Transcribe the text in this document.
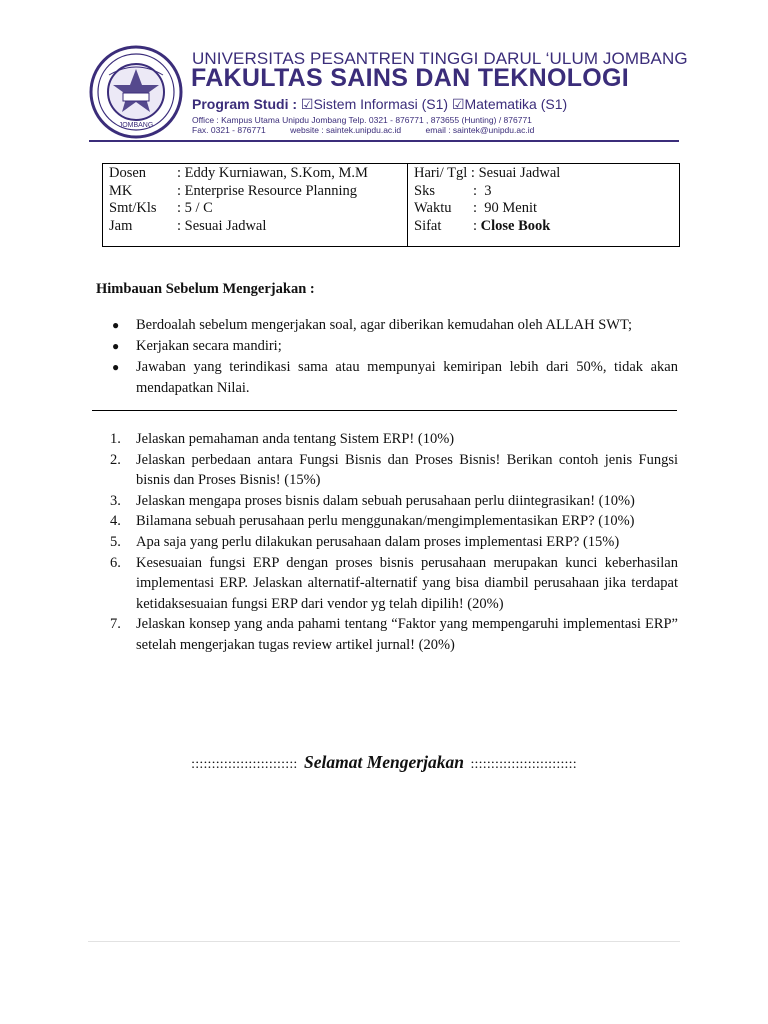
JOMBANG
UNIVERSITAS PESANTREN TINGGI DARUL ‘ULUM JOMBANG
FAKULTAS SAINS DAN TEKNOLOGI
Program Studi : ☑Sistem Informasi (S1) ☑Matematika (S1)
Office : Kampus Utama Unipdu Jombang Telp. 0321 - 876771 , 873655 (Hunting) / 876771
Fax. 0321 - 876771	website : saintek.unipdu.ac.id	email : saintek@unipdu.ac.id
Dosen	: Eddy Kurniawan, S.Kom, M.M
MK	: Enterprise Resource Planning
Smt/Kls	: 5 / C
Jam	: Sesuai Jadwal
Hari/ Tgl : Sesuai Jadwal
Sks	:  3
Waktu	:  90 Menit
Sifat	: Close Book
Himbauan Sebelum Mengerjakan :
●	Berdoalah sebelum mengerjakan soal, agar diberikan kemudahan oleh ALLAH SWT;
●	Kerjakan secara mandiri;
●	Jawaban yang terindikasi sama atau mempunyai kemiripan lebih dari 50%, tidak akan mendapatkan Nilai.
1.	Jelaskan pemahaman anda tentang Sistem ERP! (10%)
2.	Jelaskan perbedaan antara Fungsi Bisnis dan Proses Bisnis! Berikan contoh jenis Fungsi bisnis dan Proses Bisnis! (15%)
3.	Jelaskan mengapa proses bisnis dalam sebuah perusahaan perlu diintegrasikan! (10%)
4.	Bilamana sebuah perusahaan perlu menggunakan/mengimplementasikan ERP? (10%)
5.	Apa saja yang perlu dilakukan perusahaan dalam proses implementasi ERP? (15%)
6.	Kesesuaian fungsi ERP dengan proses bisnis perusahaan merupakan kunci keberhasilan implementasi ERP. Jelaskan alternatif-alternatif yang bisa diambil perusahaan jika terdapat ketidaksesuaian fungsi ERP dari vendor yg telah dipilih! (20%)
7.	Jelaskan konsep yang anda pahami tentang “Faktor yang mempengaruhi implementasi ERP” setelah mengerjakan tugas review artikel jurnal! (20%)
:::::::::::::::::::::::::: Selamat Mengerjakan ::::::::::::::::::::::::::
